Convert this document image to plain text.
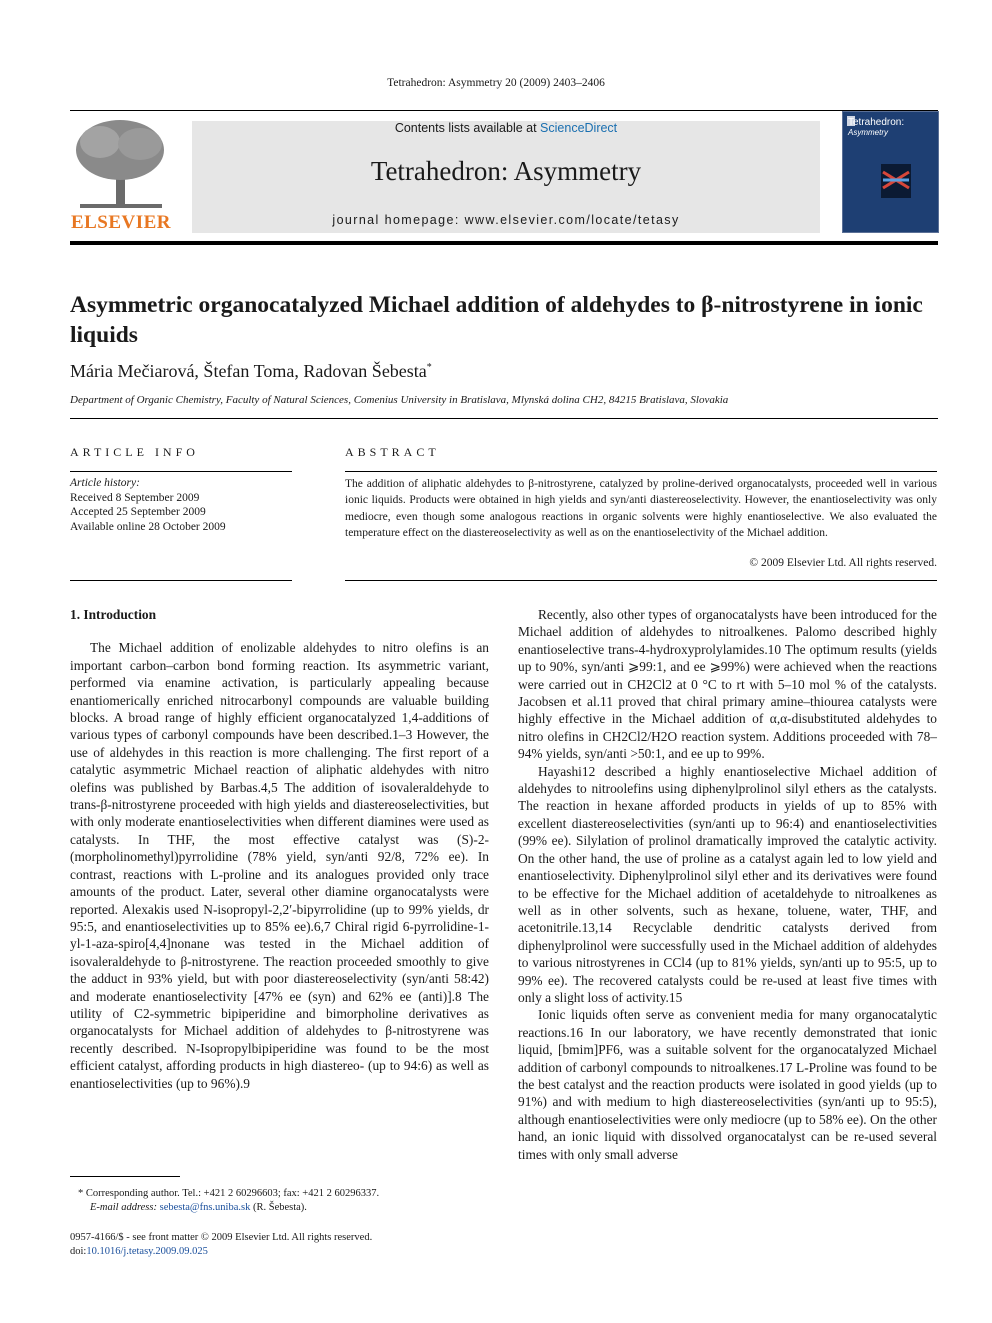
Tetrahedron: Asymmetry 20 (2009) 2403–2406
ELSEVIER
Contents lists available at ScienceDirect
Tetrahedron: Asymmetry
journal homepage: www.elsevier.com/locate/tetasy
Tetrahedron:
Asymmetry
Asymmetric organocatalyzed Michael addition of aldehydes to β-nitrostyrene in ionic liquids
Mária Mečiarová, Štefan Toma, Radovan Šebesta*
Department of Organic Chemistry, Faculty of Natural Sciences, Comenius University in Bratislava, Mlynská dolina CH2, 84215 Bratislava, Slovakia
ARTICLE INFO
Article history:
Received 8 September 2009
Accepted 25 September 2009
Available online 28 October 2009
ABSTRACT
The addition of aliphatic aldehydes to β-nitrostyrene, catalyzed by proline-derived organocatalysts, proceeded well in various ionic liquids. Products were obtained in high yields and syn/anti diastereoselectivity. However, the enantioselectivity was only mediocre, even though some analogous reactions in organic solvents were highly enantioselective. We also evaluated the temperature effect on the diastereoselectivity as well as on the enantioselectivity of the Michael addition.
© 2009 Elsevier Ltd. All rights reserved.
1. Introduction

The Michael addition of enolizable aldehydes to nitro olefins is an important carbon–carbon bond forming reaction. Its asymmetric variant, performed via enamine activation, is particularly appealing because enantiomerically enriched nitrocarbonyl compounds are valuable building blocks. A broad range of highly efficient organocatalyzed 1,4-additions of various types of carbonyl compounds have been described.1–3 However, the use of aldehydes in this reaction is more challenging. The first report of a catalytic asymmetric Michael reaction of aliphatic aldehydes with nitro olefins was published by Barbas.4,5 The addition of isovaleraldehyde to trans-β-nitrostyrene proceeded with high yields and diastereoselectivities, but with only moderate enantioselectivities when different diamines were used as catalysts. In THF, the most effective catalyst was (S)-2-(morpholinomethyl)pyrrolidine (78% yield, syn/anti 92/8, 72% ee). In contrast, reactions with L-proline and its analogues provided only trace amounts of the product. Later, several other diamine organocatalysts were reported. Alexakis used N-isopropyl-2,2′-bipyrrolidine (up to 99% yields, dr 95:5, and enantioselectivities up to 85% ee).6,7 Chiral rigid 6-pyrrolidine-1-yl-1-aza-spiro[4,4]nonane was tested in the Michael addition of isovaleraldehyde to β-nitrostyrene. The reaction proceeded smoothly to give the adduct in 93% yield, but with poor diastereoselectivity (syn/anti 58:42) and moderate enantioselectivity [47% ee (syn) and 62% ee (anti)].8 The utility of C2-symmetric bipiperidine and bimorpholine derivatives as organocatalysts for Michael addition of aldehydes to β-nitrostyrene was recently described. N-Isopropylbipiperidine was found to be the most efficient catalyst, affording products in high diastereo- (up to 94:6) as well as enantioselectivities (up to 96%).9

Recently, also other types of organocatalysts have been introduced for the Michael addition of aldehydes to nitroalkenes. Palomo described highly enantioselective trans-4-hydroxyprolylamides.10 The optimum results (yields up to 90%, syn/anti ⩾99:1, and ee ⩾99%) were achieved when the reactions were carried out in CH2Cl2 at 0 °C to rt with 5–10 mol % of the catalysts. Jacobsen et al.11 proved that chiral primary amine–thiourea catalysts were highly effective in the Michael addition of α,α-disubstituted aldehydes to nitro olefins in CH2Cl2/H2O reaction system. Additions proceeded with 78–94% yields, syn/anti >50:1, and ee up to 99%.

Hayashi12 described a highly enantioselective Michael addition of aldehydes to nitroolefins using diphenylprolinol silyl ethers as the catalysts. The reaction in hexane afforded products in yields of up to 85% with excellent diastereoselectivities (syn/anti up to 96:4) and enantioselectivities (99% ee). Silylation of prolinol dramatically improved the catalytic activity. On the other hand, the use of proline as a catalyst again led to low yield and enantioselectivity. Diphenylprolinol silyl ether and its derivatives were found to be effective for the Michael addition of acetaldehyde to nitroalkenes as well as in other solvents, such as hexane, toluene, water, THF, and acetonitrile.13,14 Recyclable dendritic catalysts derived from diphenylprolinol were successfully used in the Michael addition of aldehydes to various nitrostyrenes in CCl4 (up to 81% yields, syn/anti up to 95:5, up to 99% ee). The recovered catalysts could be re-used at least five times with only a slight loss of activity.15

Ionic liquids often serve as convenient media for many organocatalytic reactions.16 In our laboratory, we have recently demonstrated that ionic liquid, [bmim]PF6, was a suitable solvent for the organocatalyzed Michael addition of carbonyl compounds to nitroalkenes.17 L-Proline was found to be the best catalyst and the reaction products were isolated in good yields (up to 91%) and with medium to high diastereoselectivities (syn/anti up to 95:5), although enantioselectivities were only mediocre (up to 58% ee). On the other hand, an ionic liquid with dissolved organocatalyst can be re-used several times with only small adverse

* Corresponding author. Tel.: +421 2 60296603; fax: +421 2 60296337.
E-mail address: sebesta@fns.uniba.sk (R. Šebesta).
0957-4166/$ - see front matter © 2009 Elsevier Ltd. All rights reserved.
doi:10.1016/j.tetasy.2009.09.025
